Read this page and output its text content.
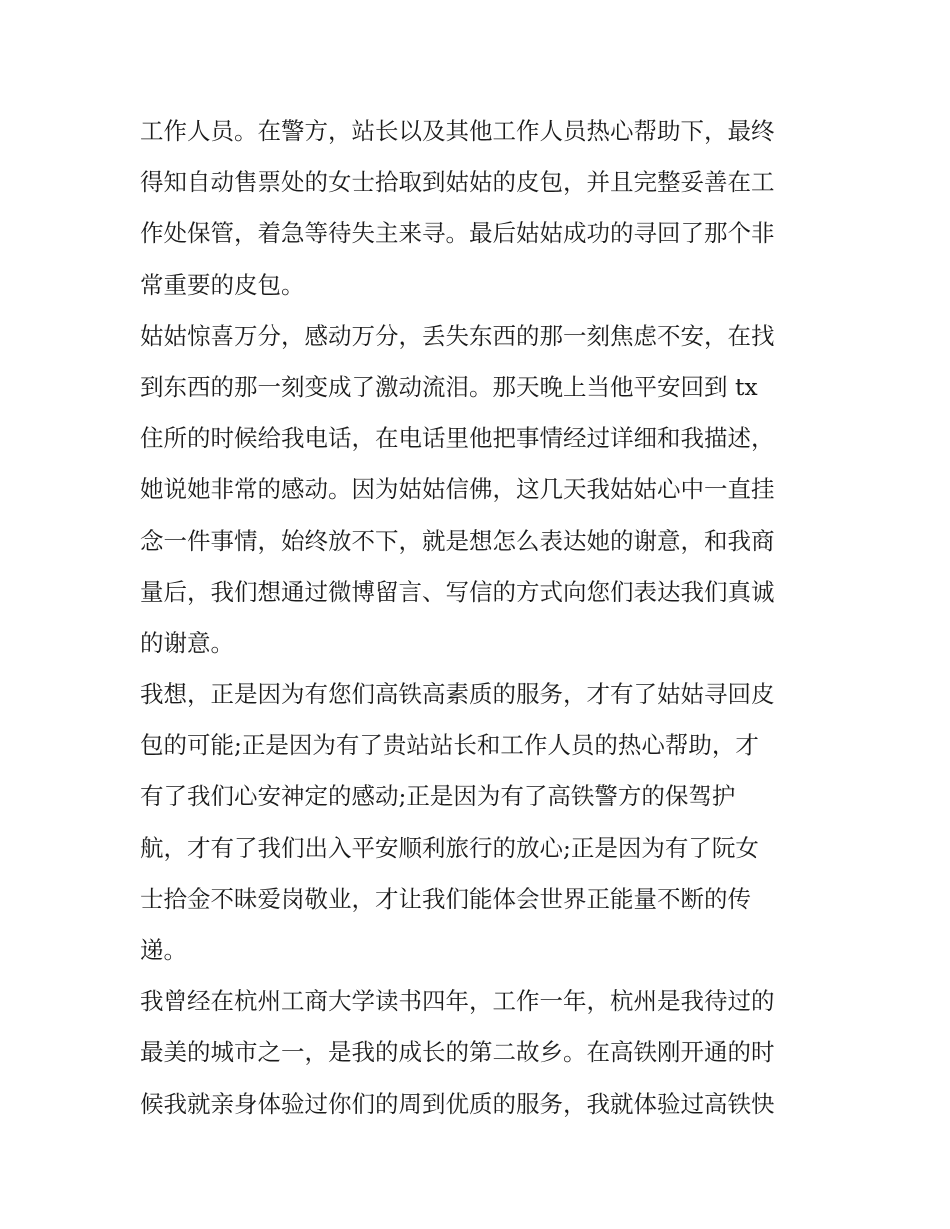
工作人员。在警方，站长以及其他工作人员热心帮助下，最终
得知自动售票处的女士拾取到姑姑的皮包，并且完整妥善在工
作处保管，着急等待失主来寻。最后姑姑成功的寻回了那个非
常重要的皮包。
姑姑惊喜万分，感动万分，丢失东西的那一刻焦虑不安，在找
到东西的那一刻变成了激动流泪。那天晚上当他平安回到 tx
住所的时候给我电话，在电话里他把事情经过详细和我描述，
她说她非常的感动。因为姑姑信佛，这几天我姑姑心中一直挂
念一件事情，始终放不下，就是想怎么表达她的谢意，和我商
量后，我们想通过微博留言、写信的方式向您们表达我们真诚
的谢意。
我想，正是因为有您们高铁高素质的服务，才有了姑姑寻回皮
包的可能;正是因为有了贵站站长和工作人员的热心帮助，才
有了我们心安神定的感动;正是因为有了高铁警方的保驾护
航，才有了我们出入平安顺利旅行的放心;正是因为有了阮女
士拾金不昧爱岗敬业，才让我们能体会世界正能量不断的传
递。
我曾经在杭州工商大学读书四年，工作一年，杭州是我待过的
最美的城市之一，是我的成长的第二故乡。在高铁刚开通的时
候我就亲身体验过你们的周到优质的服务，我就体验过高铁快
